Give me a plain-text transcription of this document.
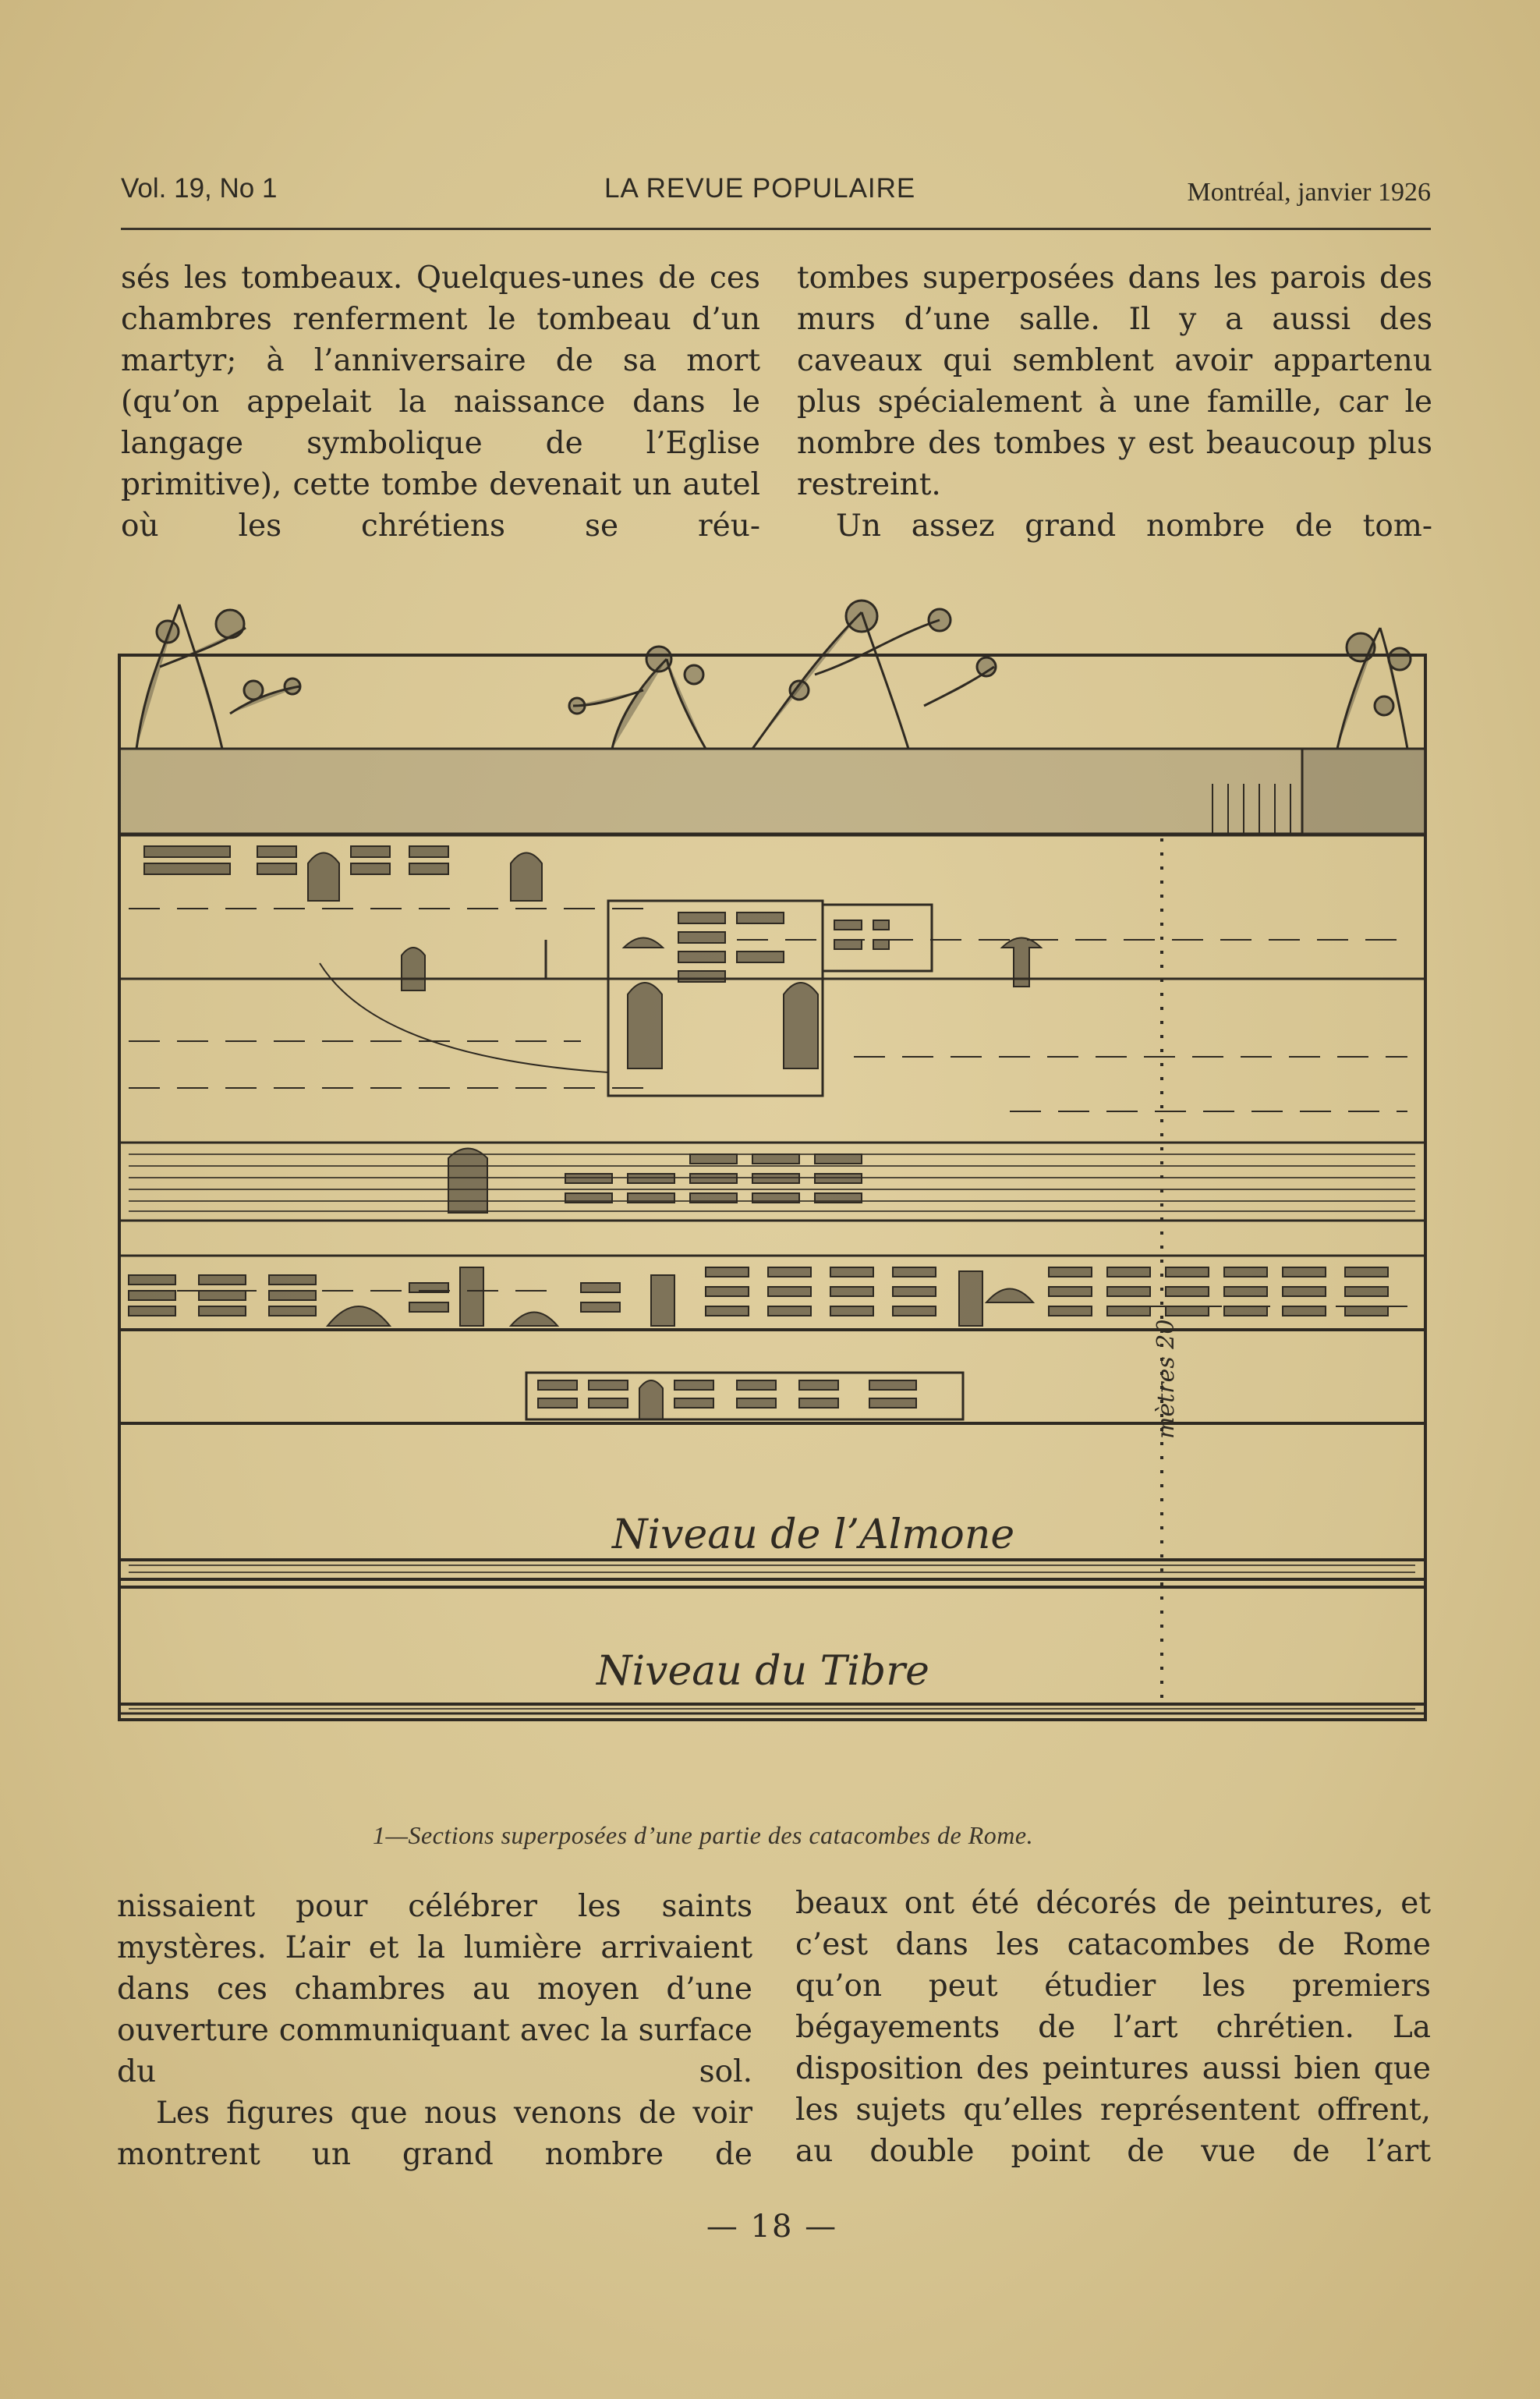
Vol. 19, No 1	LA REVUE POPULAIRE	Montréal, janvier 1926

sés les tombeaux. Quelques-unes de ces chambres renferment le tombeau d’un martyr; à l’anniversaire de sa mort (qu’on appelait la naissance dans le langage symbolique de l’Eglise primitive), cette tombe devenait un autel où les chrétiens se réu-

tombes superposées dans les parois des murs d’une salle. Il y a aussi des caveaux qui semblent avoir appartenu plus spécialement à une famille, car le nombre des tombes y est beaucoup plus restreint.

Un assez grand nombre de tom-

mètres 20
Niveau de l’Almone
Niveau du Tibre
1—Sections superposées d’une partie des catacombes de Rome.

nissaient pour célébrer les saints mystères. L’air et la lumière arrivaient dans ces chambres au moyen d’une ouverture communiquant avec la surface du sol.

Les figures que nous venons de voir montrent un grand nombre de

beaux ont été décorés de peintures, et c’est dans les catacombes de Rome qu’on peut étudier les premiers bégayements de l’art chrétien. La disposition des peintures aussi bien que les sujets qu’elles représentent offrent, au double point de vue de l’art

— 18 —
